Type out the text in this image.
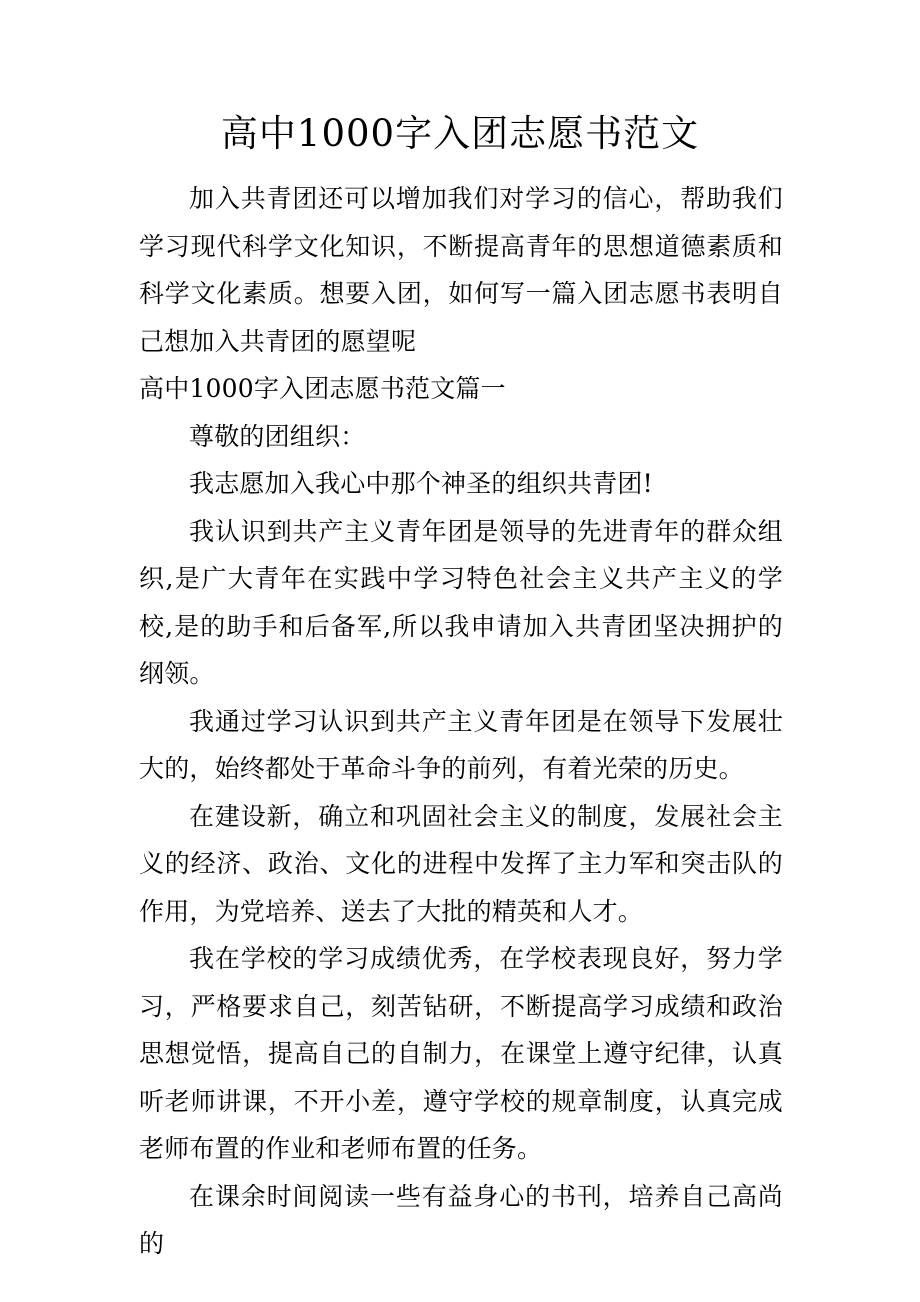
高中1000字入团志愿书范文

加入共青团还可以增加我们对学习的信心，帮助我们学习现代科学文化知识，不断提高青年的思想道德素质和科学文化素质。想要入团，如何写一篇入团志愿书表明自己想加入共青团的愿望呢

高中1000字入团志愿书范文篇一

尊敬的团组织：

我志愿加入我心中那个神圣的组织共青团!

我认识到共产主义青年团是领导的先进青年的群众组织,是广大青年在实践中学习特色社会主义共产主义的学校,是的助手和后备军,所以我申请加入共青团坚决拥护的纲领。

我通过学习认识到共产主义青年团是在领导下发展壮大的，始终都处于革命斗争的前列，有着光荣的历史。

在建设新，确立和巩固社会主义的制度，发展社会主义的经济、政治、文化的进程中发挥了主力军和突击队的作用，为党培养、送去了大批的精英和人才。

我在学校的学习成绩优秀，在学校表现良好，努力学习，严格要求自己，刻苦钻研，不断提高学习成绩和政治思想觉悟，提高自己的自制力，在课堂上遵守纪律，认真听老师讲课，不开小差，遵守学校的规章制度，认真完成老师布置的作业和老师布置的任务。

在课余时间阅读一些有益身心的书刊，培养自己高尚的
